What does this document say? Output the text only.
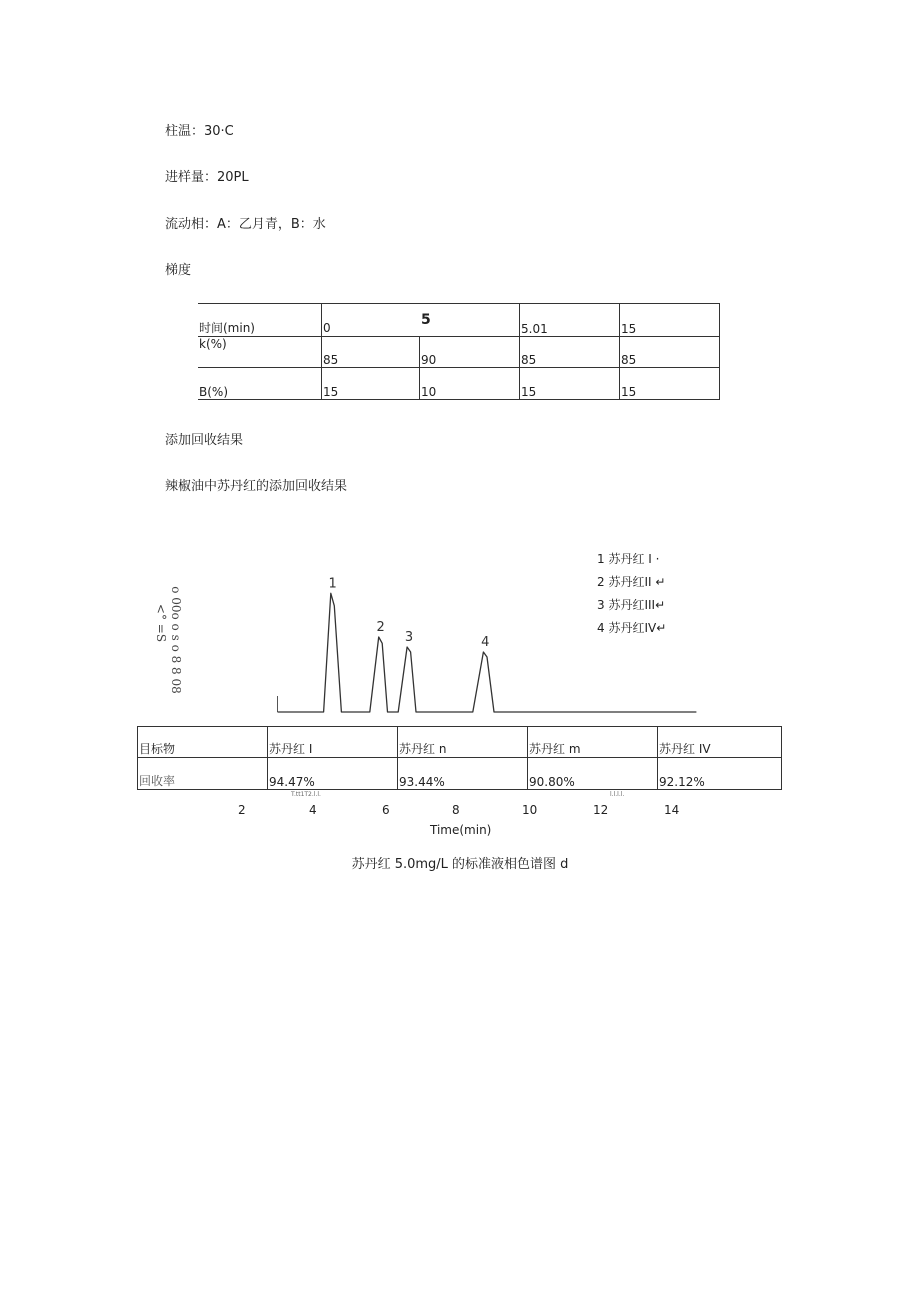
柱温：30·C
进样量：20PL
流动相：A：乙月青，B：水
梯度
时间(min)	0 5		5.01	15
k(%)	85	90	85	85
B(%)	15	10	15	15
添加回收结果
辣椒油中苏丹红的添加回收结果
1
2
3	4
1 苏丹红 I ·
2 苏丹红II ↵
3 苏丹红III↵
4 苏丹红IV↵
o 00o o s o 8 8 08
<° =S
目标物	苏丹红 I	苏丹红 n	苏丹红 m	苏丹红 IV
回收率	94.47%	93.44%	90.80%	92.12%
T.tt1T2.l.l.	l.l.l.l.
2	4	6	8	10	12	14
Time(min)
苏丹红 5.0mg/L 的标准液相色谱图 d
